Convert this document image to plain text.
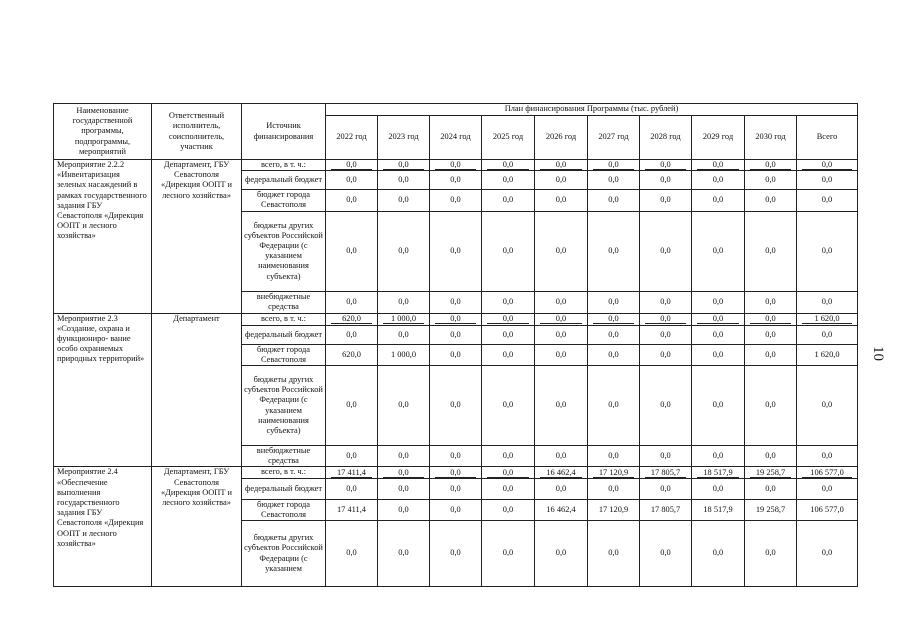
Наименование государственной программы, подпрограммы, мероприятий	Ответственный исполнитель, соисполнитель, участник	Источник финансирования	План финансирования Программы (тыс. рублей)									
			2022 год	2023 год	2024 год	2025 год	2026 год	2027 год	2028 год	2029 год	2030 год	Всего
Мероприятие 2.2.2 «Инвентаризация зеленых насаждений в рамках государственного задания ГБУ Севастополя «Дирекция ООПТ и лесного хозяйства»	Департамент, ГБУ Севастополя «Дирекция ООПТ и лесного хозяйства»	всего, в т. ч.:	0,0	0,0	0,0	0,0	0,0	0,0	0,0	0,0	0,0	0,0

		федеральный бюджет	0,0	0,0	0,0	0,0	0,0	0,0	0,0	0,0	0,0	0,0

		бюджет города Севастополя	0,0	0,0	0,0	0,0	0,0	0,0	0,0	0,0	0,0	0,0

		бюджеты других субъектов Российской Федерации (с указанием наименования субъекта)	0,0	0,0	0,0	0,0	0,0	0,0	0,0	0,0	0,0	0,0

		внебюджетные средства	0,0	0,0	0,0	0,0	0,0	0,0	0,0	0,0	0,0	0,0

Мероприятие 2.3 «Создание, охрана и функциониро- вание особо охраняемых природных территорий»	Департамент	всего, в т. ч.:	620,0	1 000,0	0,0	0,0	0,0	0,0	0,0	0,0	0,0	1 620,0

		федеральный бюджет	0,0	0,0	0,0	0,0	0,0	0,0	0,0	0,0	0,0	0,0

		бюджет города Севастополя	620,0	1 000,0	0,0	0,0	0,0	0,0	0,0	0,0	0,0	1 620,0

		бюджеты других субъектов Российской Федерации (с указанием наименования субъекта)	0,0	0,0	0,0	0,0	0,0	0,0	0,0	0,0	0,0	0,0

		внебюджетные средства	0,0	0,0	0,0	0,0	0,0	0,0	0,0	0,0	0,0	0,0

Мероприятие 2.4 «Обеспечение выполнения государственного задания ГБУ Севастополя «Дирекция ООПТ и лесного хозяйства»	Департамент, ГБУ Севастополя «Дирекция ООПТ и лесного хозяйства»	всего, в т. ч.:	17 411,4	0,0	0,0	0,0	16 462,4	17 120,9	17 805,7	18 517,9	19 258,7	106 577,0

		федеральный бюджет	0,0	0,0	0,0	0,0	0,0	0,0	0,0	0,0	0,0	0,0

		бюджет города Севастополя	17 411,4	0,0	0,0	0,0	16 462,4	17 120,9	17 805,7	18 517,9	19 258,7	106 577,0

		бюджеты других субъектов Российской Федерации (с указанием	0,0	0,0	0,0	0,0	0,0	0,0	0,0	0,0	0,0	0,0
10
